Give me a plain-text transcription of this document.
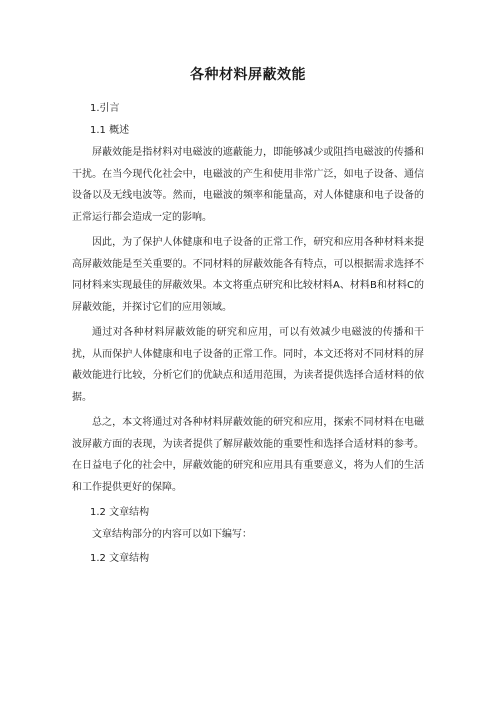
各种材料屏蔽效能

1.引言

1.1 概述

屏蔽效能是指材料对电磁波的遮蔽能力，即能够减少或阻挡电磁波的传播和干扰。在当今现代化社会中，电磁波的产生和使用非常广泛，如电子设备、通信设备以及无线电波等。然而，电磁波的频率和能量高，对人体健康和电子设备的正常运行都会造成一定的影响。

因此，为了保护人体健康和电子设备的正常工作，研究和应用各种材料来提高屏蔽效能是至关重要的。不同材料的屏蔽效能各有特点，可以根据需求选择不同材料来实现最佳的屏蔽效果。本文将重点研究和比较材料A、材料B和材料C的屏蔽效能，并探讨它们的应用领域。

通过对各种材料屏蔽效能的研究和应用，可以有效减少电磁波的传播和干扰，从而保护人体健康和电子设备的正常工作。同时，本文还将对不同材料的屏蔽效能进行比较，分析它们的优缺点和适用范围，为读者提供选择合适材料的依据。

总之，本文将通过对各种材料屏蔽效能的研究和应用，探索不同材料在电磁波屏蔽方面的表现，为读者提供了解屏蔽效能的重要性和选择合适材料的参考。在日益电子化的社会中，屏蔽效能的研究和应用具有重要意义，将为人们的生活和工作提供更好的保障。

1.2 文章结构

文章结构部分的内容可以如下编写：

1.2 文章结构
